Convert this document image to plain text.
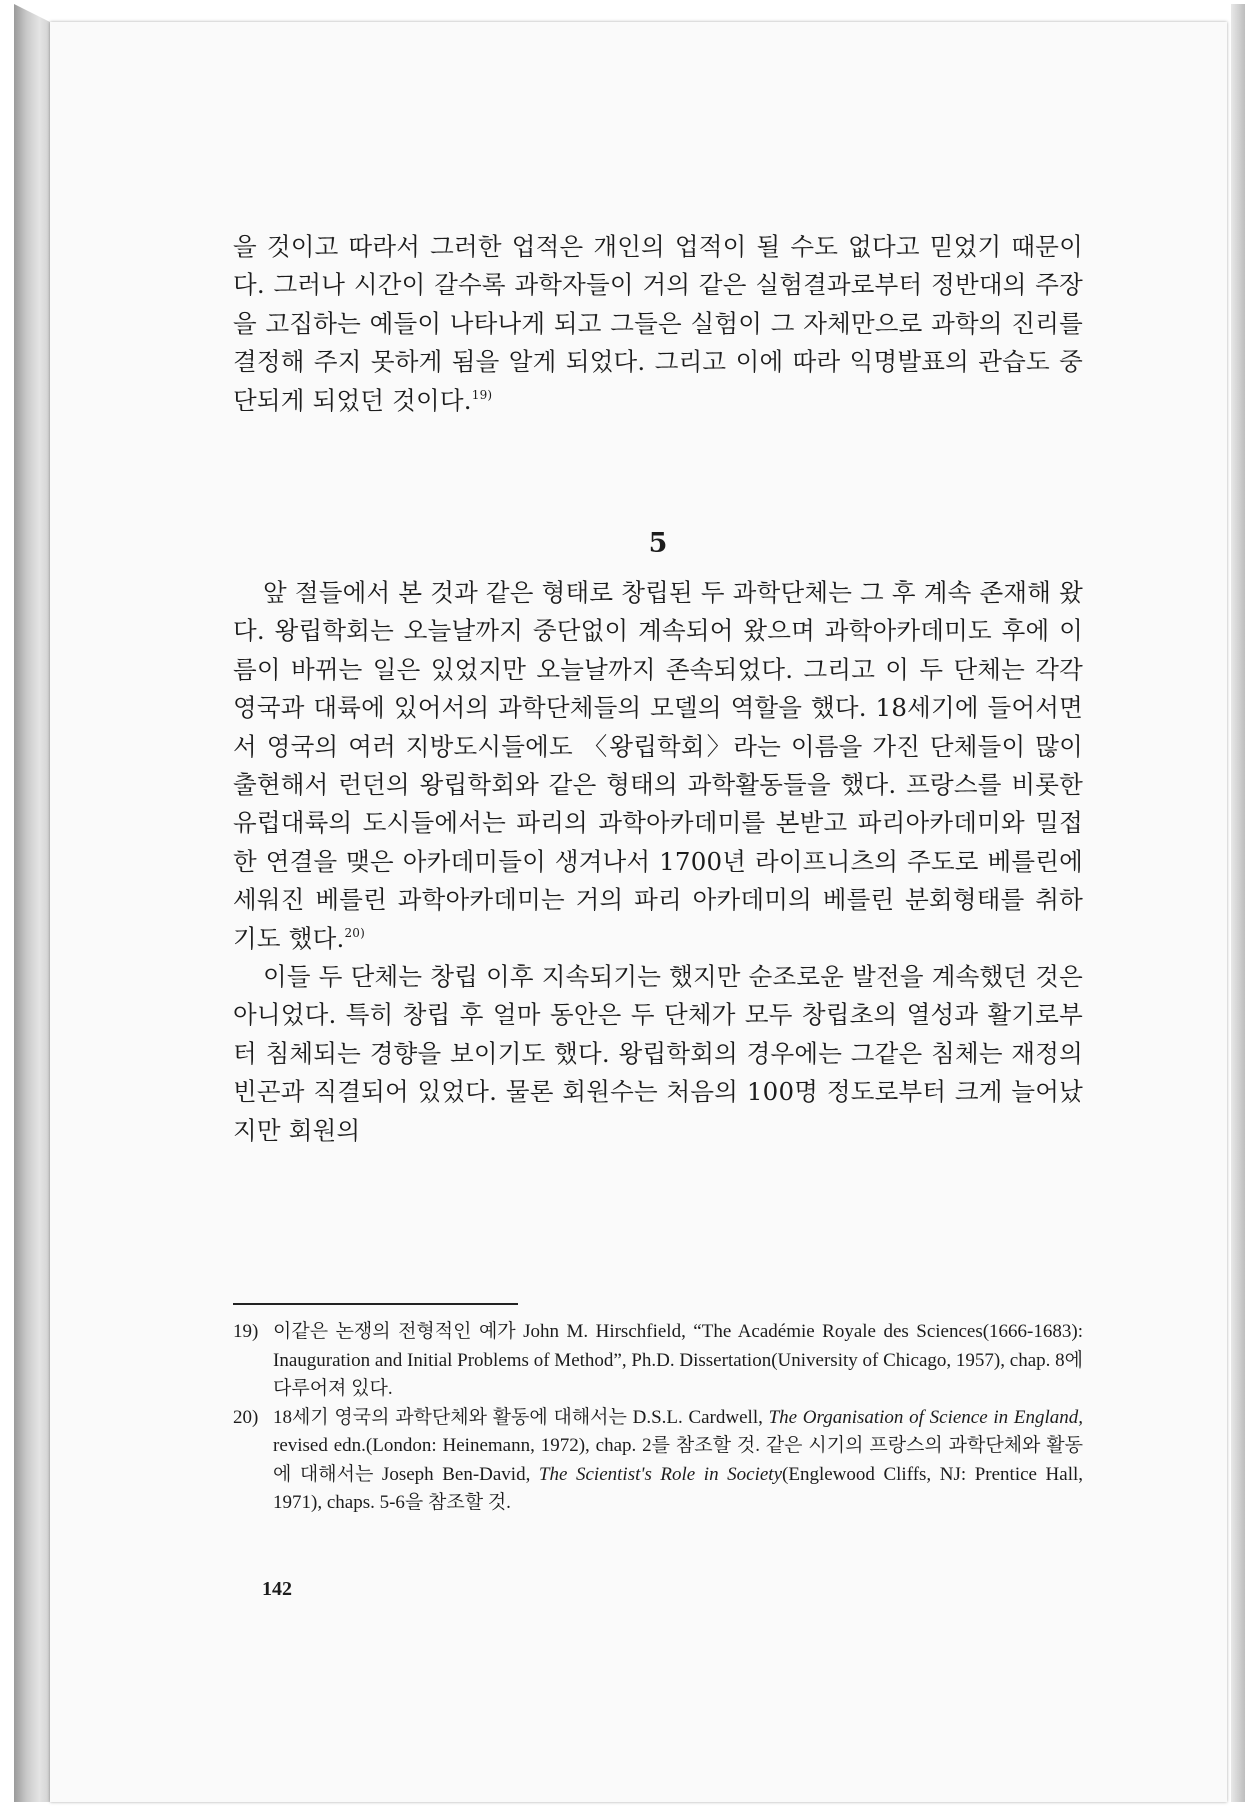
을 것이고 따라서 그러한 업적은 개인의 업적이 될 수도 없다고 믿었기 때문이다. 그러나 시간이 갈수록 과학자들이 거의 같은 실험결과로부터 정반대의 주장을 고집하는 예들이 나타나게 되고 그들은 실험이 그 자체만으로 과학의 진리를 결정해 주지 못하게 됨을 알게 되었다. 그리고 이에 따라 익명발표의 관습도 중단되게 되었던 것이다.$^{19)}$

5

앞 절들에서 본 것과 같은 형태로 창립된 두 과학단체는 그 후 계속 존재해 왔다. 왕립학회는 오늘날까지 중단없이 계속되어 왔으며 과학아카데미도 후에 이름이 바뀌는 일은 있었지만 오늘날까지 존속되었다. 그리고 이 두 단체는 각각 영국과 대륙에 있어서의 과학단체들의 모델의 역할을 했다. 18세기에 들어서면서 영국의 여러 지방도시들에도 〈왕립학회〉라는 이름을 가진 단체들이 많이 출현해서 런던의 왕립학회와 같은 형태의 과학활동들을 했다. 프랑스를 비롯한 유럽대륙의 도시들에서는 파리의 과학아카데미를 본받고 파리아카데미와 밀접한 연결을 맺은 아카데미들이 생겨나서 1700년 라이프니츠의 주도로 베를린에 세워진 베를린 과학아카데미는 거의 파리 아카데미의 베를린 분회형태를 취하기도 했다.$^{20)}$

이들 두 단체는 창립 이후 지속되기는 했지만 순조로운 발전을 계속했던 것은 아니었다. 특히 창립 후 얼마 동안은 두 단체가 모두 창립초의 열성과 활기로부터 침체되는 경향을 보이기도 했다. 왕립학회의 경우에는 그같은 침체는 재정의 빈곤과 직결되어 있었다. 물론 회원수는 처음의 100명 정도로부터 크게 늘어났지만 회원의

19) 이같은 논쟁의 전형적인 예가 John M. Hirschfield, “The Académie Royale des Sciences(1666-1683): Inauguration and Initial Problems of Method”, Ph.D. Dissertation(University of Chicago, 1957), chap. 8에 다루어져 있다.
20) 18세기 영국의 과학단체와 활동에 대해서는 D.S.L. Cardwell, The Organisation of Science in England, revised edn.(London: Heinemann, 1972), chap. 2를 참조할 것. 같은 시기의 프랑스의 과학단체와 활동에 대해서는 Joseph Ben-David, The Scientist's Role in Society(Englewood Cliffs, NJ: Prentice Hall, 1971), chaps. 5-6을 참조할 것.
142
